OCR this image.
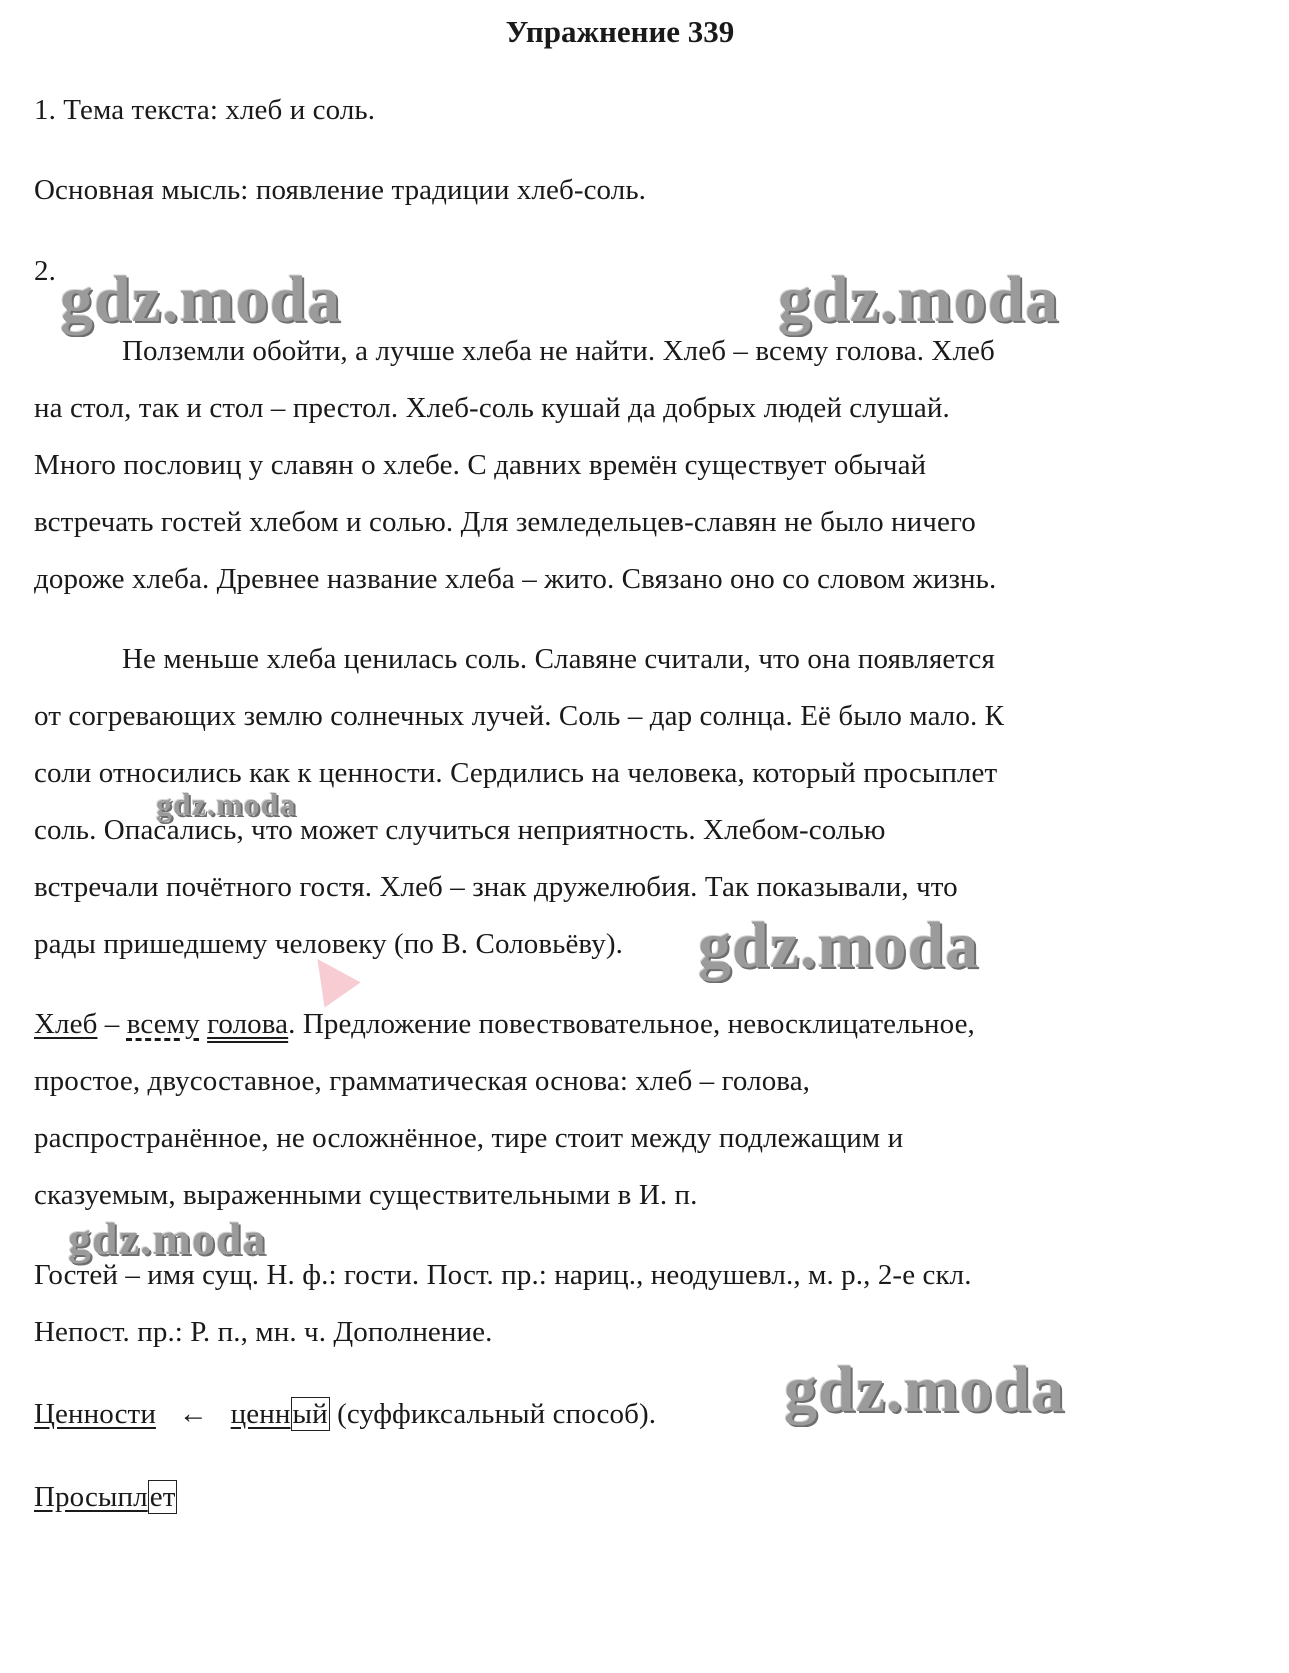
Упражнение 339
1. Тема текста: хлеб и соль.
Основная мысль: появление традиции хлеб-соль.
2.
Полземли обойти, а лучше хлеба не найти. Хлеб – всему голова. Хлеб
на стол, так и стол – престол. Хлеб-соль кушай да добрых людей слушай.
Много пословиц у славян о хлебе. С давних времён существует обычай
встречать гостей хлебом и солью. Для земледельцев-славян не было ничего
дороже хлеба. Древнее название хлеба – жито. Связано оно со словом жизнь.
Не меньше хлеба ценилась соль. Славяне считали, что она появляется
от согревающих землю солнечных лучей. Соль – дар солнца. Её было мало. К
соли относились как к ценности. Сердились на человека, который просыплет
соль. Опасались, что может случиться неприятность. Хлебом-солью
встречали почётного гостя. Хлеб – знак дружелюбия. Так показывали, что
рады пришедшему человеку (по В. Соловьёву).
Хлеб – всему голова. Предложение повествовательное, невосклицательное,
простое, двусоставное, грамматическая основа: хлеб – голова,
распространённое, не осложнённое, тире стоит между подлежащим и
сказуемым, выраженными существительными в И. п.
Гостей – имя сущ. Н. ф.: гости. Пост. пр.: нариц., неодушевл., м. р., 2-е скл.
Непост. пр.: Р. п., мн. ч. Дополнение.
Ценности ← ценный (суффиксальный способ).
Просыплет
gdz.moda	gdz.moda
gdz.moda
gdz.moda
gdz.moda
gdz.moda
